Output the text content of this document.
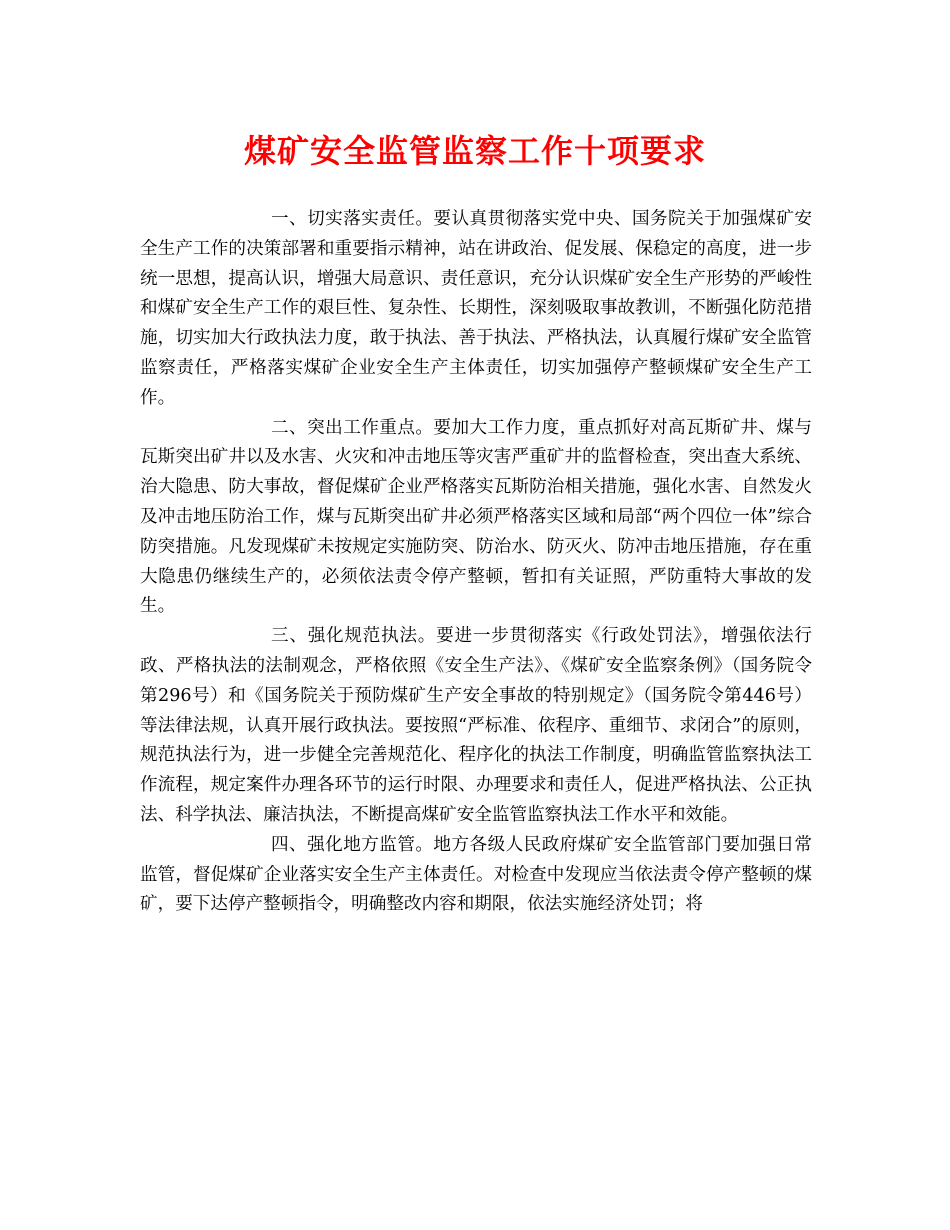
煤矿安全监管监察工作十项要求

一、切实落实责任。要认真贯彻落实党中央、国务院关于加强煤矿安全生产工作的决策部署和重要指示精神，站在讲政治、促发展、保稳定的高度，进一步统一思想，提高认识，增强大局意识、责任意识，充分认识煤矿安全生产形势的严峻性和煤矿安全生产工作的艰巨性、复杂性、长期性，深刻吸取事故教训，不断强化防范措施，切实加大行政执法力度，敢于执法、善于执法、严格执法，认真履行煤矿安全监管监察责任，严格落实煤矿企业安全生产主体责任，切实加强停产整顿煤矿安全生产工作。

二、突出工作重点。要加大工作力度，重点抓好对高瓦斯矿井、煤与瓦斯突出矿井以及水害、火灾和冲击地压等灾害严重矿井的监督检查，突出查大系统、治大隐患、防大事故，督促煤矿企业严格落实瓦斯防治相关措施，强化水害、自然发火及冲击地压防治工作，煤与瓦斯突出矿井必须严格落实区域和局部“两个四位一体”综合防突措施。凡发现煤矿未按规定实施防突、防治水、防灭火、防冲击地压措施，存在重大隐患仍继续生产的，必须依法责令停产整顿，暂扣有关证照，严防重特大事故的发生。

三、强化规范执法。要进一步贯彻落实《行政处罚法》，增强依法行政、严格执法的法制观念，严格依照《安全生产法》、《煤矿安全监察条例》（国务院令第296号）和《国务院关于预防煤矿生产安全事故的特别规定》（国务院令第446号）等法律法规，认真开展行政执法。要按照“严标准、依程序、重细节、求闭合”的原则，规范执法行为，进一步健全完善规范化、程序化的执法工作制度，明确监管监察执法工作流程，规定案件办理各环节的运行时限、办理要求和责任人，促进严格执法、公正执法、科学执法、廉洁执法，不断提高煤矿安全监管监察执法工作水平和效能。

四、强化地方监管。地方各级人民政府煤矿安全监管部门要加强日常监管，督促煤矿企业落实安全生产主体责任。对检查中发现应当依法责令停产整顿的煤矿，要下达停产整顿指令，明确整改内容和期限，依法实施经济处罚；将
